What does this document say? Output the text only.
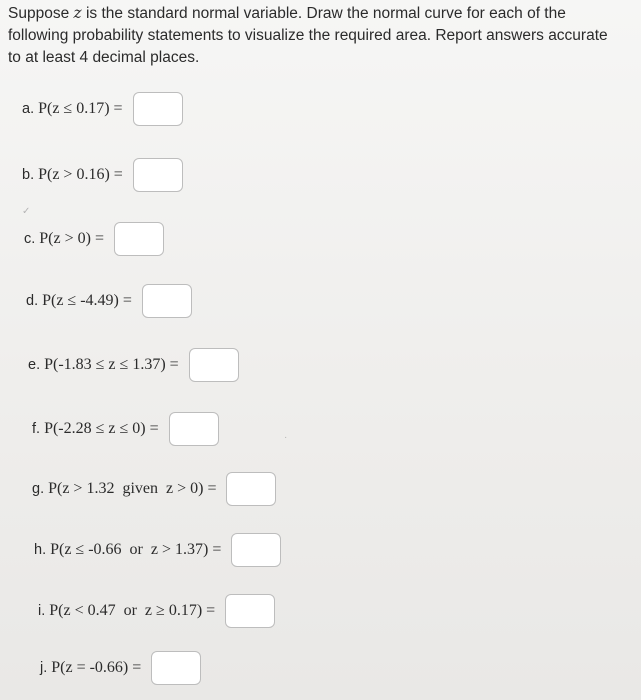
Suppose z is the standard normal variable. Draw the normal curve for each of the following probability statements to visualize the required area. Report answers accurate to at least 4 decimal places.
a. P(z ≤ 0.17) =
b. P(z > 0.16) =
c. P(z > 0) =
d. P(z ≤ -4.49) =
e. P(-1.83 ≤ z ≤ 1.37) =
f. P(-2.28 ≤ z ≤ 0) =
g. P(z > 1.32  given  z > 0) =
h. P(z ≤ -0.66  or  z > 1.37) =
i. P(z < 0.47  or  z ≥ 0.17) =
j. P(z = -0.66) =
✓
·
